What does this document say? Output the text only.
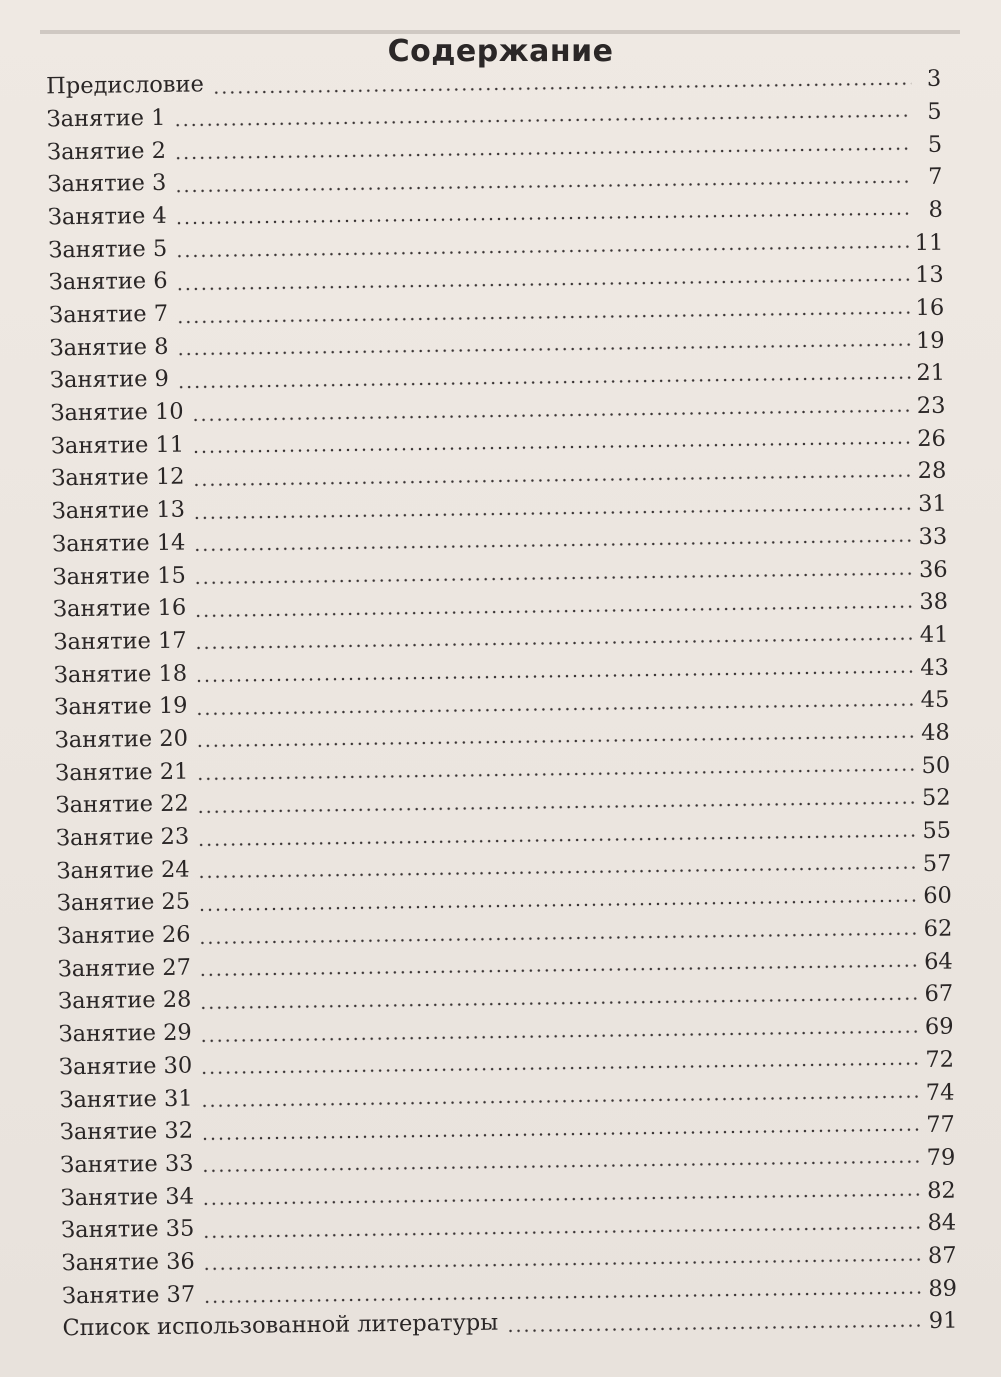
Содержание
Предисловие	3
Занятие 1	5
Занятие 2	5
Занятие 3	7
Занятие 4	8
Занятие 5	11
Занятие 6	13
Занятие 7	16
Занятие 8	19
Занятие 9	21
Занятие 10	23
Занятие 11	26
Занятие 12	28
Занятие 13	31
Занятие 14	33
Занятие 15	36
Занятие 16	38
Занятие 17	41
Занятие 18	43
Занятие 19	45
Занятие 20	48
Занятие 21	50
Занятие 22	52
Занятие 23	55
Занятие 24	57
Занятие 25	60
Занятие 26	62
Занятие 27	64
Занятие 28	67
Занятие 29	69
Занятие 30	72
Занятие 31	74
Занятие 32	77
Занятие 33	79
Занятие 34	82
Занятие 35	84
Занятие 36	87
Занятие 37	89
Список использованной литературы	91
